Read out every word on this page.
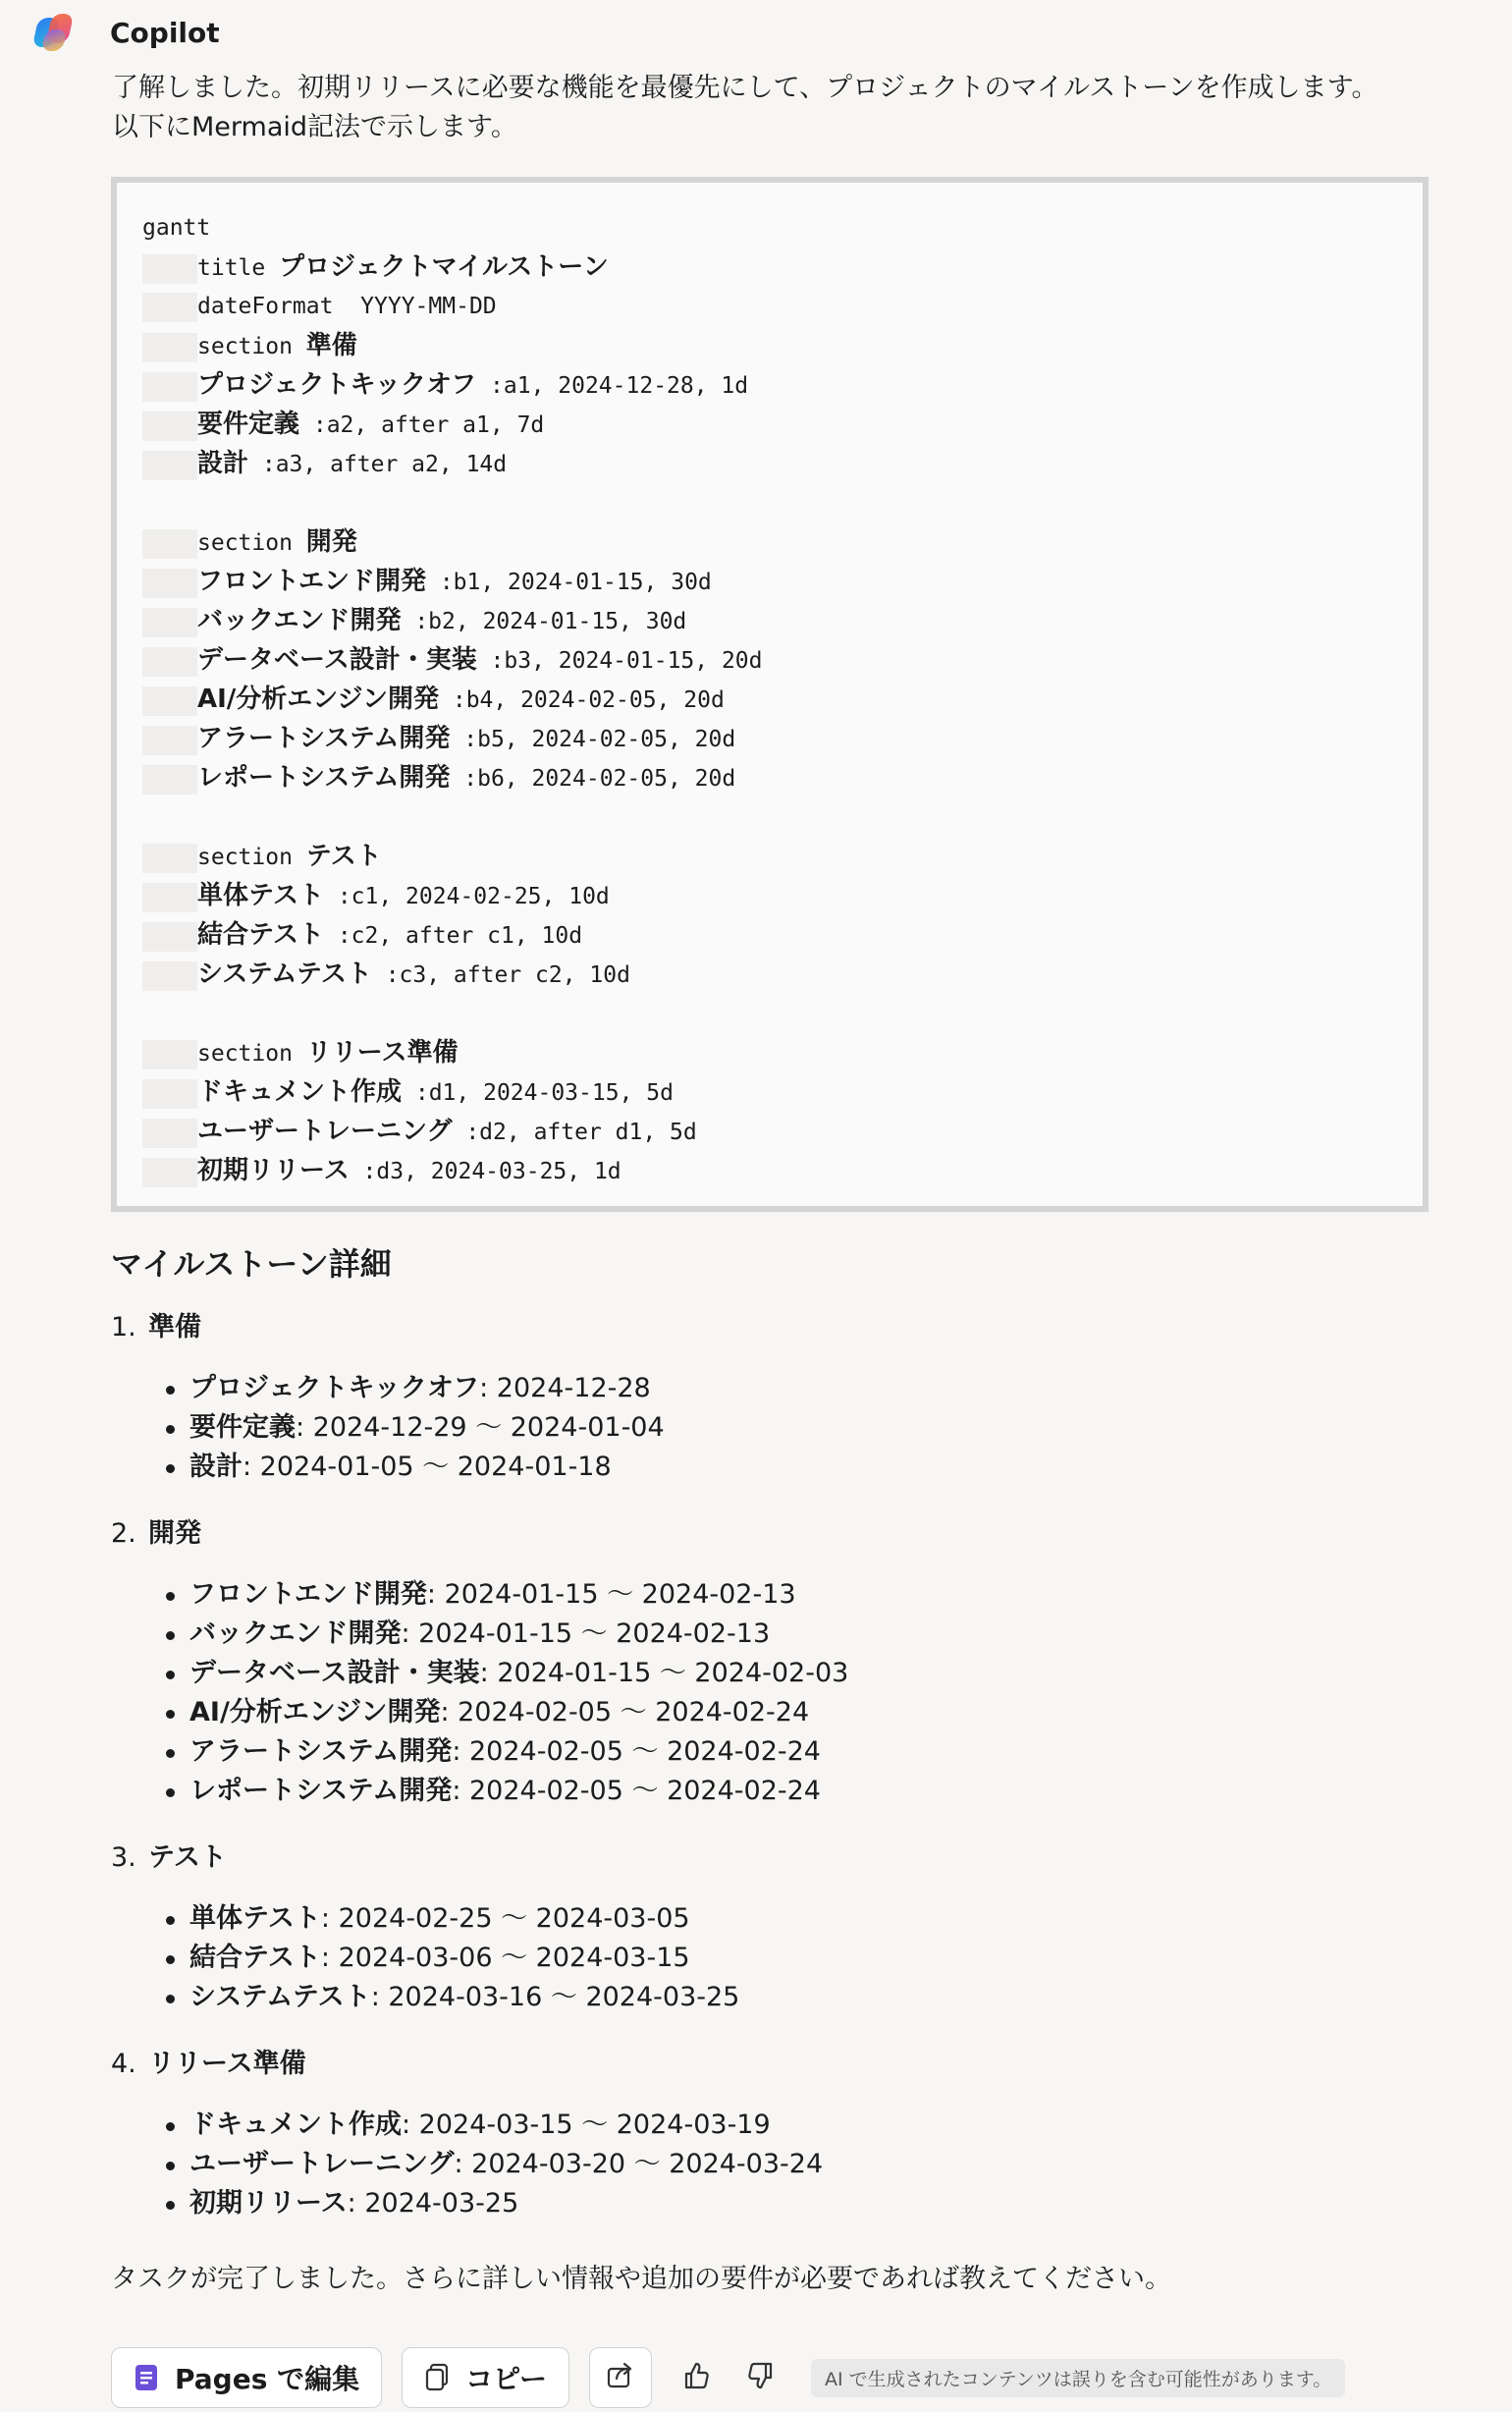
Copilot
了解しました。初期リリースに必要な機能を最優先にして、プロジェクトのマイルストーンを作成します。
以下にMermaid記法で示します。
gantt
title プロジェクトマイルストーン
dateFormat  YYYY-MM-DD
section 準備
プロジェクトキックオフ :a1, 2024-12-28, 1d
要件定義 :a2, after a1, 7d
設計 :a3, after a2, 14d
section 開発
フロントエンド開発 :b1, 2024-01-15, 30d
バックエンド開発 :b2, 2024-01-15, 30d
データベース設計・実装 :b3, 2024-01-15, 20d
AI/分析エンジン開発 :b4, 2024-02-05, 20d
アラートシステム開発 :b5, 2024-02-05, 20d
レポートシステム開発 :b6, 2024-02-05, 20d
section テスト
単体テスト :c1, 2024-02-25, 10d
結合テスト :c2, after c1, 10d
システムテスト :c3, after c2, 10d
section リリース準備
ドキュメント作成 :d1, 2024-03-15, 5d
ユーザートレーニング :d2, after d1, 5d
初期リリース :d3, 2024-03-25, 1d
マイルストーン詳細
1. 準備
プロジェクトキックオフ: 2024-12-28
要件定義: 2024-12-29 〜 2024-01-04
設計: 2024-01-05 〜 2024-01-18
2. 開発
フロントエンド開発: 2024-01-15 〜 2024-02-13
バックエンド開発: 2024-01-15 〜 2024-02-13
データベース設計・実装: 2024-01-15 〜 2024-02-03
AI/分析エンジン開発: 2024-02-05 〜 2024-02-24
アラートシステム開発: 2024-02-05 〜 2024-02-24
レポートシステム開発: 2024-02-05 〜 2024-02-24
3. テスト
単体テスト: 2024-02-25 〜 2024-03-05
結合テスト: 2024-03-06 〜 2024-03-15
システムテスト: 2024-03-16 〜 2024-03-25
4. リリース準備
ドキュメント作成: 2024-03-15 〜 2024-03-19
ユーザートレーニング: 2024-03-20 〜 2024-03-24
初期リリース: 2024-03-25
タスクが完了しました。さらに詳しい情報や追加の要件が必要であれば教えてください。
Pages で編集	コピー	AI で生成されたコンテンツは誤りを含む可能性があります。
